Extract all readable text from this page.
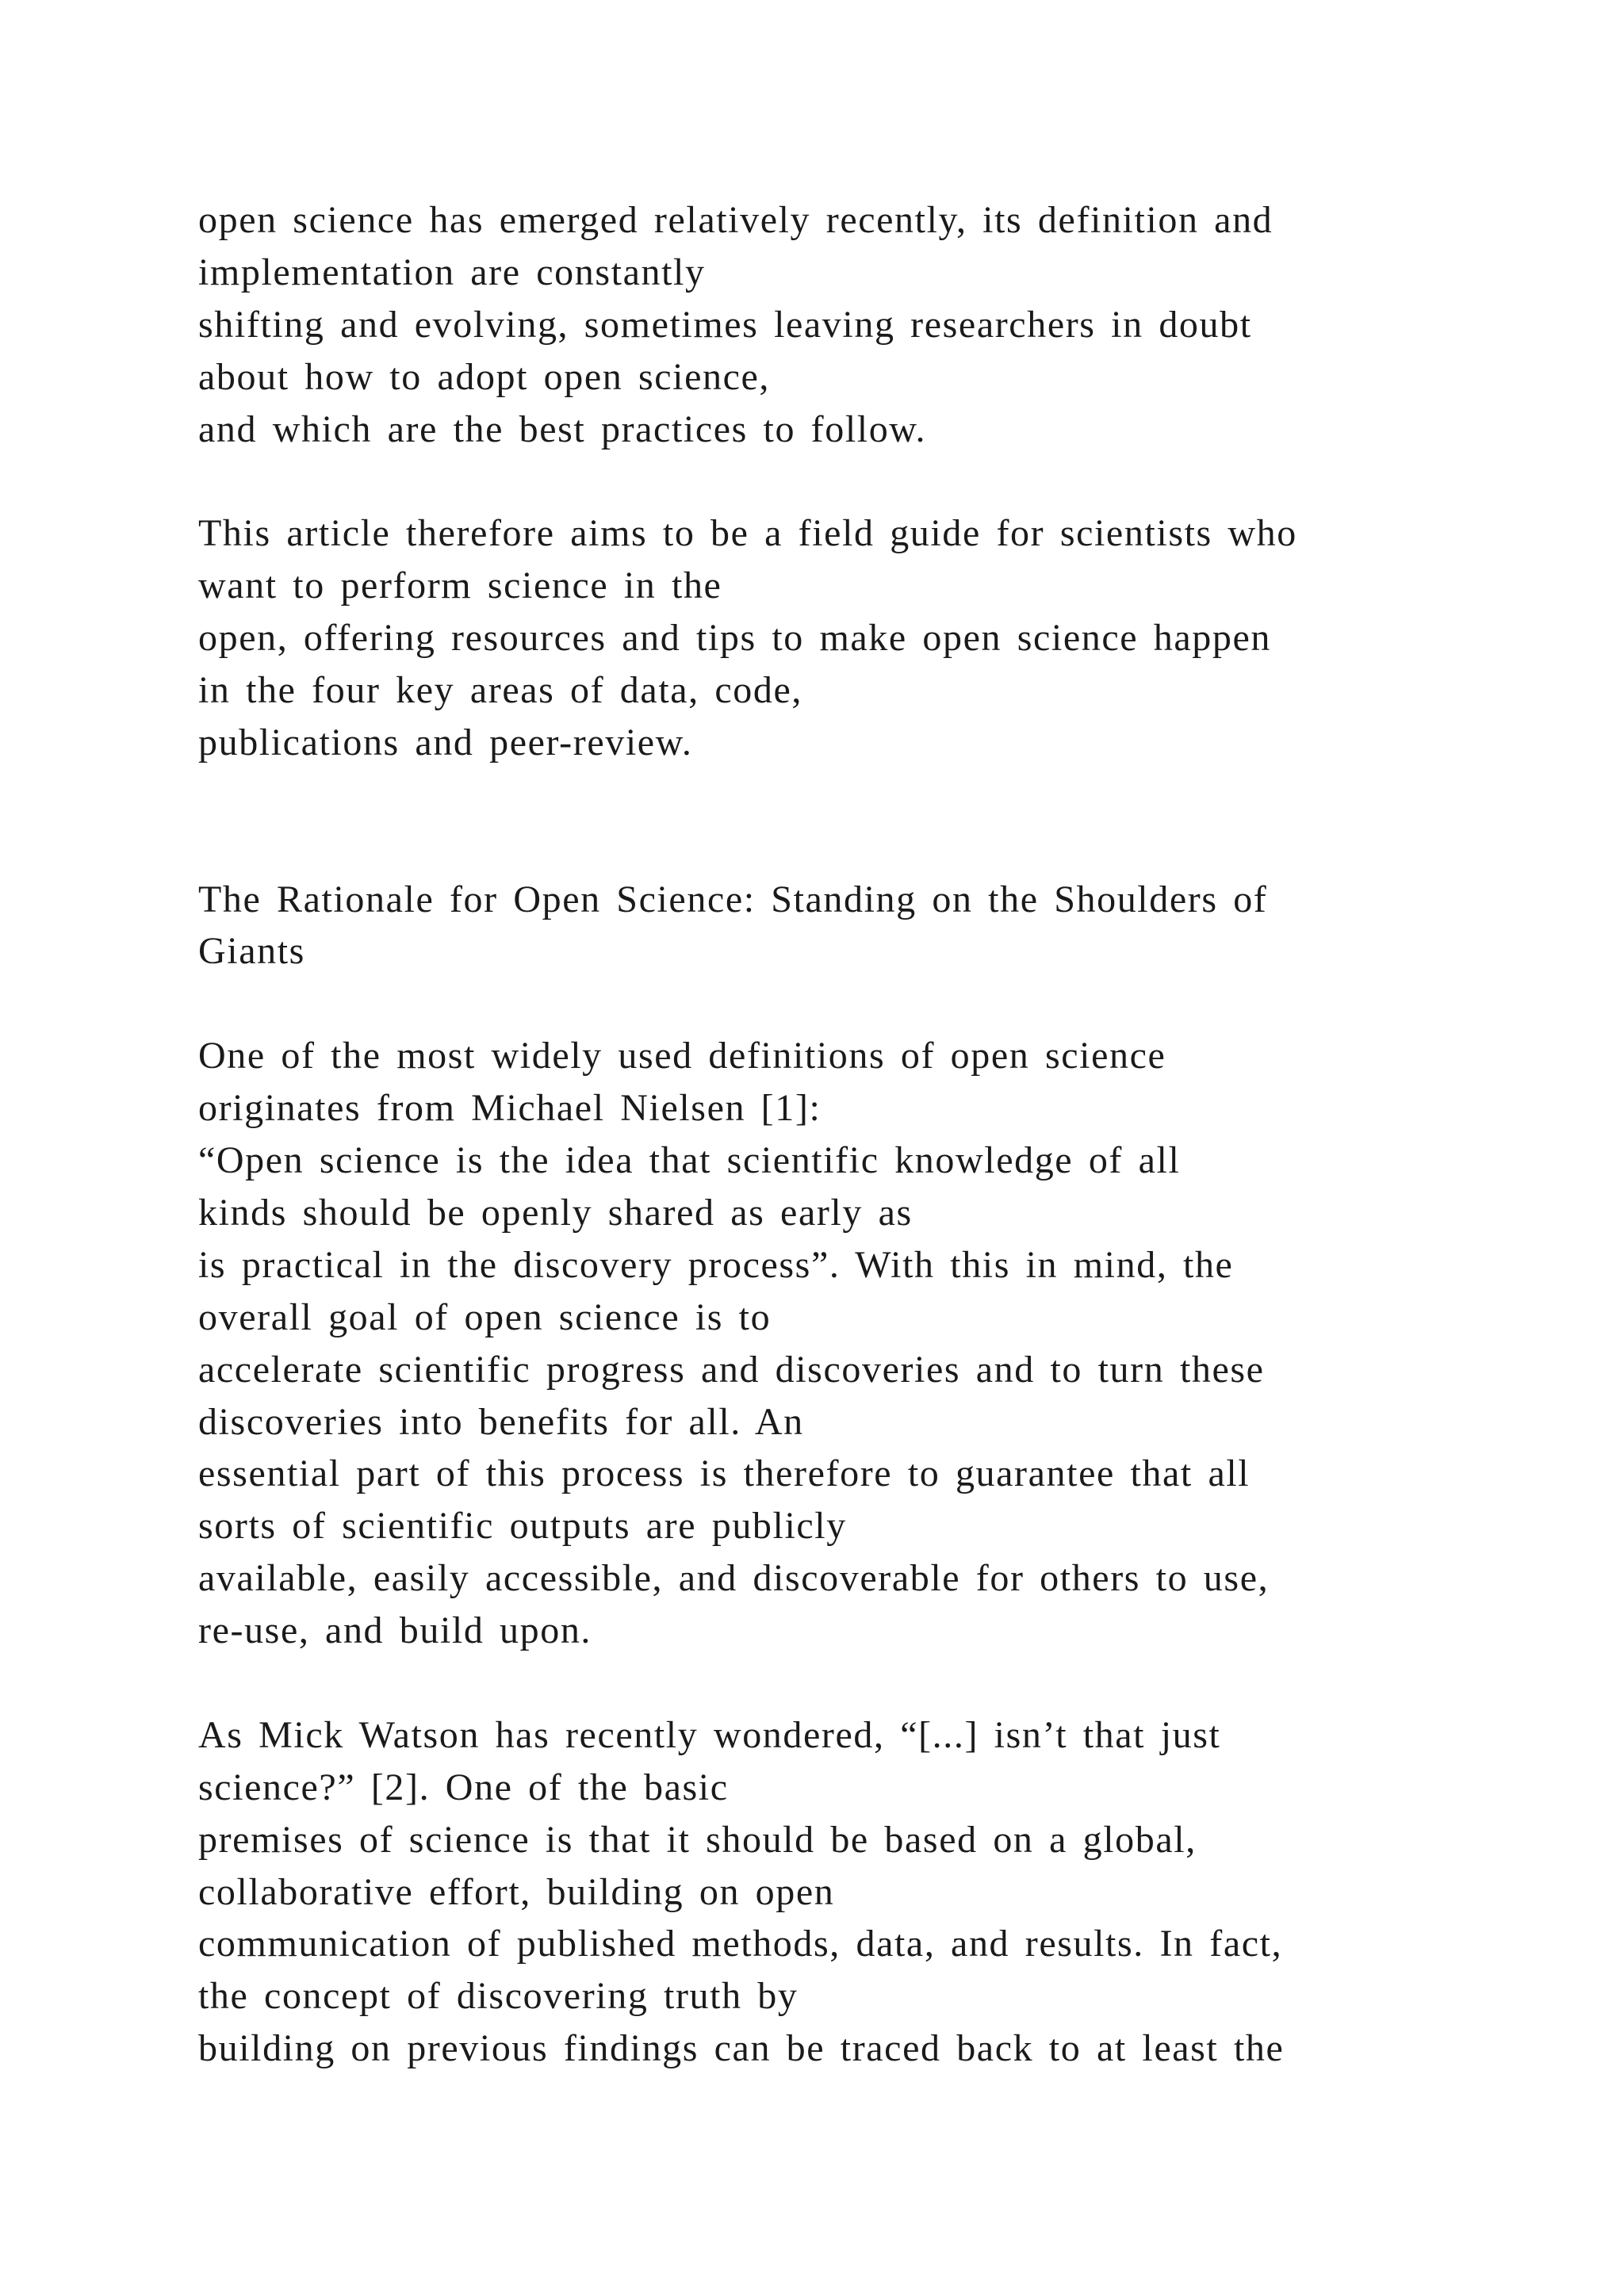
open science has emerged relatively recently, its definition and
implementation are constantly
shifting and evolving, sometimes leaving researchers in doubt
about how to adopt open science,
and which are the best practices to follow.
This article therefore aims to be a field guide for scientists who
want to perform science in the
open, offering resources and tips to make open science happen
in the four key areas of data, code,
publications and peer-review.
The Rationale for Open Science: Standing on the Shoulders of
Giants
One of the most widely used definitions of open science
originates from Michael Nielsen [1]:
“Open science is the idea that scientific knowledge of all
kinds should be openly shared as early as
is practical in the discovery process”. With this in mind, the
overall goal of open science is to
accelerate scientific progress and discoveries and to turn these
discoveries into benefits for all. An
essential part of this process is therefore to guarantee that all
sorts of scientific outputs are publicly
available, easily accessible, and discoverable for others to use,
re-use, and build upon.
As Mick Watson has recently wondered, “[...] isn’t that just
science?” [2]. One of the basic
premises of science is that it should be based on a global,
collaborative effort, building on open
communication of published methods, data, and results. In fact,
the concept of discovering truth by
building on previous findings can be traced back to at least the
